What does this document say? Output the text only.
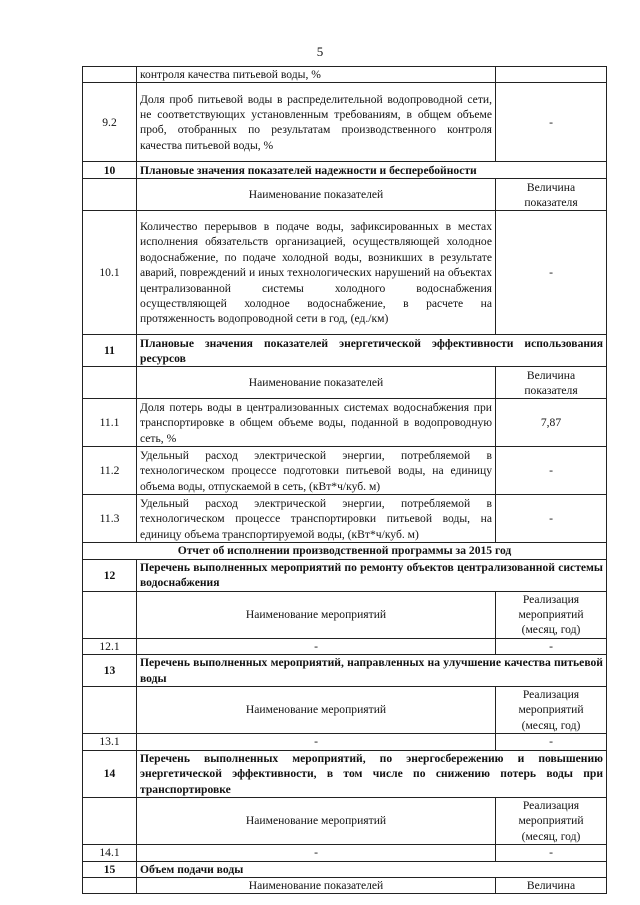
5
	контроля качества питьевой воды, %	
9.2	Доля проб питьевой воды в распределительной водопроводной сети, не соответствующих установленным требованиям, в общем объеме проб, отобранных по результатам производственного контроля качества питьевой воды, %	-
10	Плановые значения показателей надежности и бесперебойности	
	Наименование показателей	Величина показателя
10.1	Количество перерывов в подаче воды, зафиксированных в местах исполнения обязательств организацией, осуществляющей холодное водоснабжение, по подаче холодной воды, возникших в результате аварий, повреждений и иных технологических нарушений на объектах централизованной системы холодного водоснабжения осуществляющей холодное водоснабжение, в расчете на протяженность водопроводной сети в год, (ед./км)	-
11	Плановые значения показателей энергетической эффективности использования ресурсов	
	Наименование показателей	Величина показателя
11.1	Доля потерь воды в централизованных системах водоснабжения при транспортировке в общем объеме воды, поданной в водопроводную сеть, %	7,87
11.2	Удельный расход электрической энергии, потребляемой в технологическом процессе подготовки питьевой воды, на единицу объема воды, отпускаемой в сеть, (кВт*ч/куб. м)	-
11.3	Удельный расход электрической энергии, потребляемой в технологическом процессе транспортировки питьевой воды, на единицу объема транспортируемой воды, (кВт*ч/куб. м)	-
Отчет об исполнении производственной программы за 2015 год		
12	Перечень выполненных мероприятий по ремонту объектов централизованной системы водоснабжения	
	Наименование мероприятий	Реализация мероприятий (месяц, год)
12.1	-	-
13	Перечень выполненных мероприятий, направленных на улучшение качества питьевой воды	
	Наименование мероприятий	Реализация мероприятий (месяц, год)
13.1	-	-
14	Перечень выполненных мероприятий, по энергосбережению и повышению энергетической эффективности, в том числе по снижению потерь воды при транспортировке	
	Наименование мероприятий	Реализация мероприятий (месяц, год)
14.1	-	-
15	Объем подачи воды	
	Наименование показателей	Величина
